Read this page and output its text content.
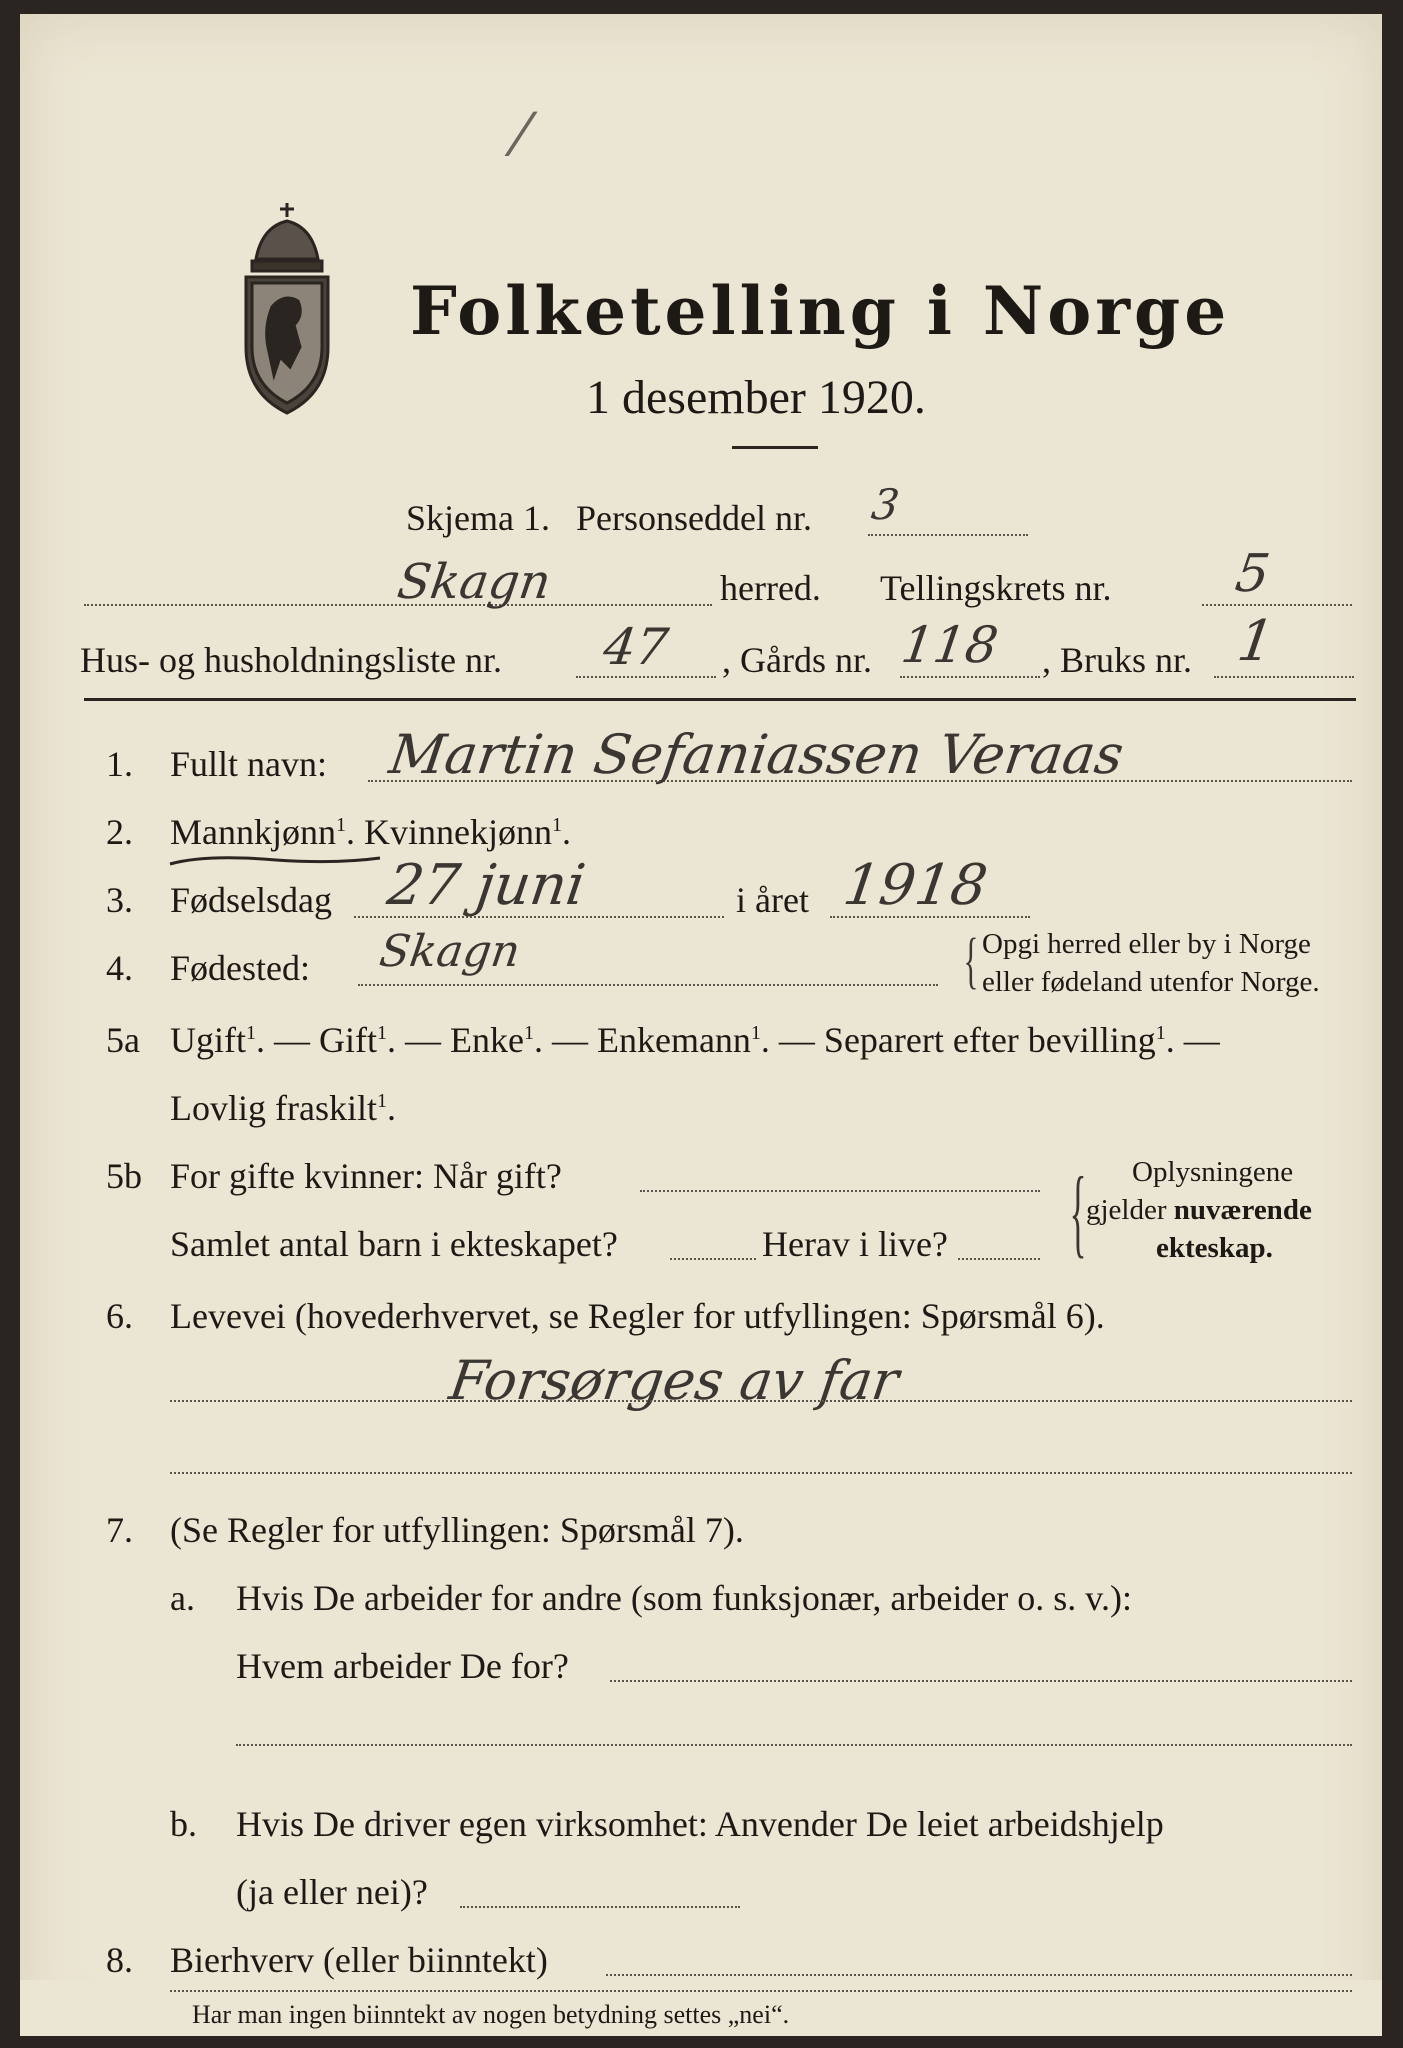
/
Folketelling i Norge
1 desember 1920.
Skjema 1. Personseddel nr. 3
Skagn	herred. Tellingskrets nr. 5
Hus- og husholdningsliste nr. 47 , Gårds nr. 118 , Bruks nr. 1
1. Fullt navn: Martin Sefaniassen Veraas
2. Mannkjønn$^1$. Kvinnekjønn$^1$.
3. Fødselsdag 27 juni	i året 1918
4. Fødested: Skagn	{ Opgi herred eller by i Norge
eller fødeland utenfor Norge.
5a Ugift$^1$. — Gift$^1$. — Enke$^1$. — Enkemann$^1$. — Separert efter bevilling$^1$. —
Lovlig fraskilt$^1$.
5b For gifte kvinner: Når gift?
Samlet antal barn i ekteskapet?	Herav i live? { Oplysningene
gjelder nuværende
ekteskap.
6. Levevei (hovederhvervet, se Regler for utfyllingen: Spørsmål 6).
Forsørges av far
7. (Se Regler for utfyllingen: Spørsmål 7).
a. Hvis De arbeider for andre (som funksjonær, arbeider o. s. v.):
Hvem arbeider De for?
b. Hvis De driver egen virksomhet: Anvender De leiet arbeidshjelp
(ja eller nei)?
8. Bierhverv (eller biinntekt)
Har man ingen biinntekt av nogen betydning settes „nei“.
